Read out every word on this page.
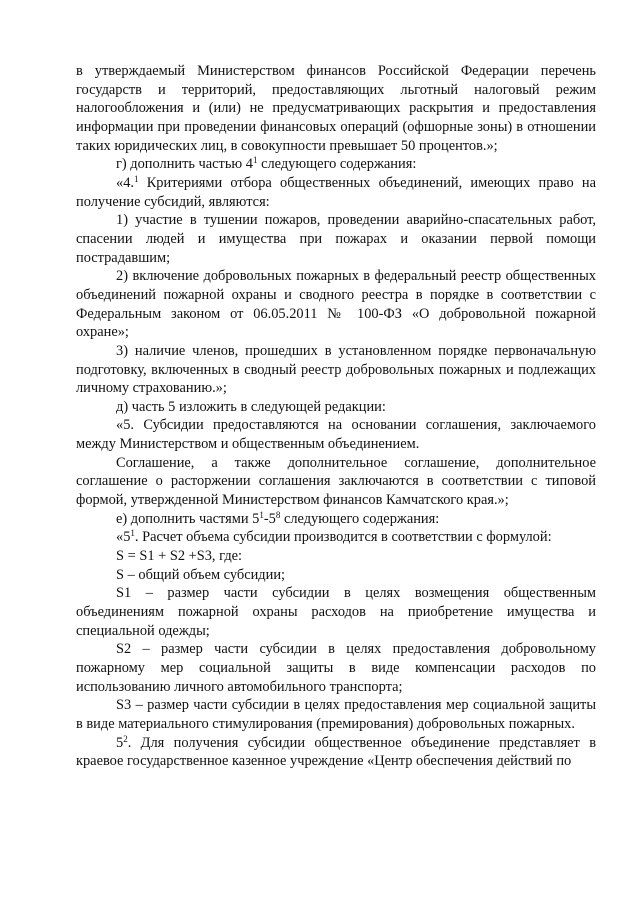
в утверждаемый Министерством финансов Российской Федерации перечень государств и территорий, предоставляющих льготный налоговый режим налогообложения и (или) не предусматривающих раскрытия и предоставления информации при проведении финансовых операций (офшорные зоны) в отношении таких юридических лиц, в совокупности превышает 50 процентов.»;

г) дополнить частью $4^1$ следующего содержания:

«4.$^1$ Критериями отбора общественных объединений, имеющих право на получение субсидий, являются:

1) участие в тушении пожаров, проведении аварийно-спасательных работ, спасении людей и имущества при пожарах и оказании первой помощи пострадавшим;

2) включение добровольных пожарных в федеральный реестр общественных объединений пожарной охраны и сводного реестра в порядке в соответствии с Федеральным законом от 06.05.2011 № 100-ФЗ «О добровольной пожарной охране»;

3) наличие членов, прошедших в установленном порядке первоначальную подготовку, включенных в сводный реестр добровольных пожарных и подлежащих личному страхованию.»;

д) часть 5 изложить в следующей редакции:

«5. Субсидии предоставляются на основании соглашения, заключаемого между Министерством и общественным объединением.

Соглашение, а также дополнительное соглашение, дополнительное соглашение о расторжении соглашения заключаются в соответствии с типовой формой, утвержденной Министерством финансов Камчатского края.»;

е) дополнить частями $5^1-5^8$ следующего содержания:

«$5^1$. Расчет объема субсидии производится в соответствии с формулой:

S = S1 + S2 +S3, где:

S – общий объем субсидии;

S1 – размер части субсидии в целях возмещения общественным объединениям пожарной охраны расходов на приобретение имущества и специальной одежды;

S2 – размер части субсидии в целях предоставления добровольному пожарному мер социальной защиты в виде компенсации расходов по использованию личного автомобильного транспорта;

S3 – размер части субсидии в целях предоставления мер социальной защиты в виде материального стимулирования (премирования) добровольных пожарных.

$5^2$. Для получения субсидии общественное объединение представляет в краевое государственное казенное учреждение «Центр обеспечения действий по
